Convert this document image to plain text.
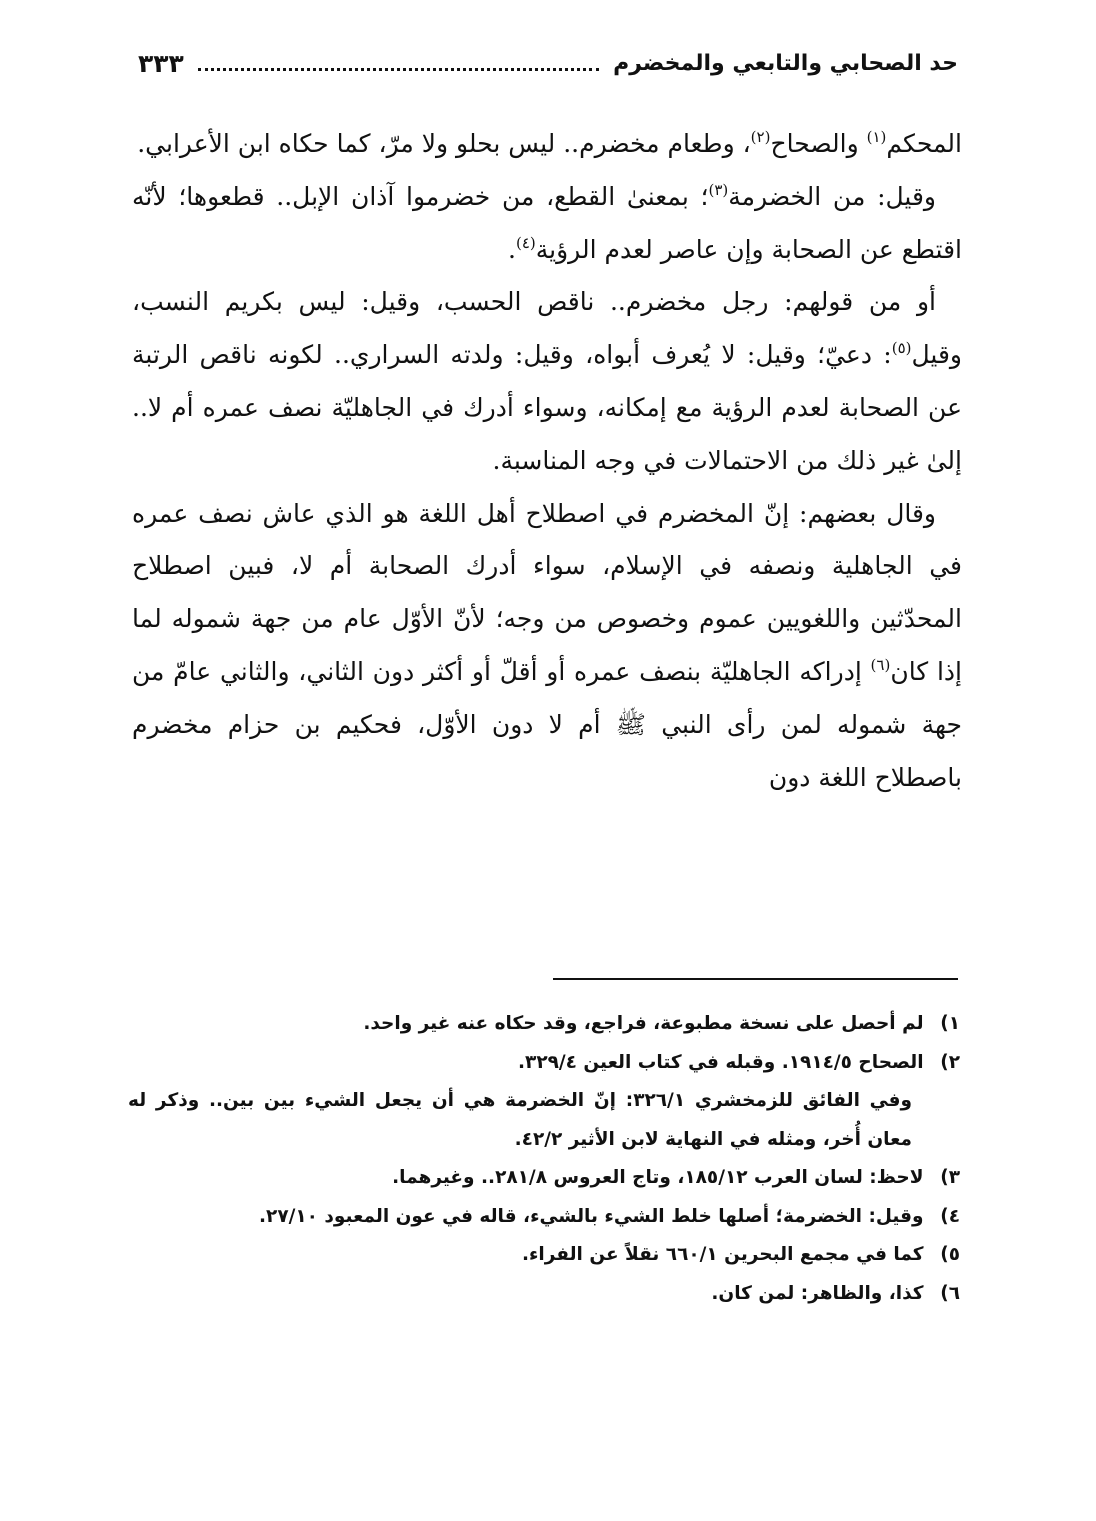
حد الصحابي والتابعي والمخضرم
٣٣٣

المحكم$^{(١)}$ والصحاح$^{(٢)}$، وطعام مخضرم.. ليس بحلو ولا مرّ، كما حكاه ابن الأعرابي.

وقيل: من الخضرمة$^{(٣)}$؛ بمعنىٰ القطع، من خضرموا آذان الإبل.. قطعوها؛ لأنّه اقتطع عن الصحابة وإن عاصر لعدم الرؤية$^{(٤)}$.

أو من قولهم: رجل مخضرم.. ناقص الحسب، وقيل: ليس بكريم النسب، وقيل$^{(٥)}$: دعيّ؛ وقيل: لا يُعرف أبواه، وقيل: ولدته السراري.. لكونه ناقص الرتبة عن الصحابة لعدم الرؤية مع إمكانه، وسواء أدرك في الجاهليّة نصف عمره أم لا.. إلىٰ غير ذلك من الاحتمالات في وجه المناسبة.

وقال بعضهم: إنّ المخضرم في اصطلاح أهل اللغة هو الذي عاش نصف عمره في الجاهلية ونصفه في الإسلام، سواء أدرك الصحابة أم لا، فبين اصطلاح المحدّثين واللغويين عموم وخصوص من وجه؛ لأنّ الأوّل عام من جهة شموله لما إذا كان$^{(٦)}$ إدراكه الجاهليّة بنصف عمره أو أقلّ أو أكثر دون الثاني، والثاني عامّ من جهة شموله لمن رأى النبي ﷺ أم لا دون الأوّل، فحكيم بن حزام مخضرم باصطلاح اللغة دون

١) لم أحصل على نسخة مطبوعة، فراجع، وقد حكاه عنه غير واحد.

٢) الصحاح ١٩١٤/٥. وقبله في كتاب العين ٣٢٩/٤.

وفي الفائق للزمخشري ٣٢٦/١: إنّ الخضرمة هي أن يجعل الشيء بين بين.. وذكر له معان أُخر، ومثله في النهاية لابن الأثير ٤٢/٢.

٣) لاحظ: لسان العرب ١٨٥/١٢، وتاج العروس ٢٨١/٨.. وغيرهما.

٤) وقيل: الخضرمة؛ أصلها خلط الشيء بالشيء، قاله في عون المعبود ٢٧/١٠.

٥) كما في مجمع البحرين ٦٦٠/١ نقلاً عن الفراء.

٦) كذا، والظاهر: لمن كان.
